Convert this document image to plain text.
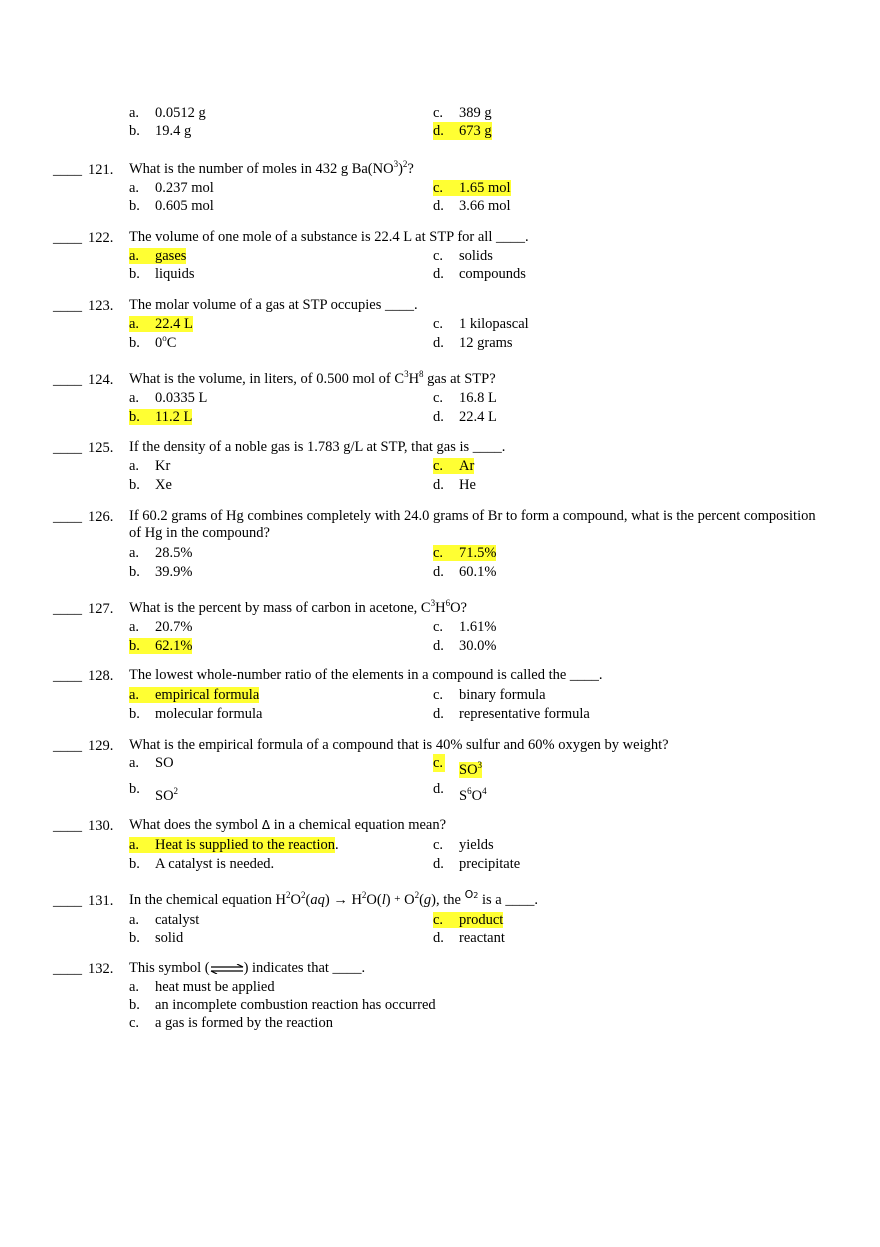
a. 0.0512 g
b. 19.4 g
c. 389 g
d. 673 g
____ 121. What is the number of moles in 432 g $Ba(NO^3)^2$?
a. 0.237 mol
b. 0.605 mol
c. 1.65 mol
d. 3.66 mol
____ 122. The volume of one mole of a substance is 22.4 L at STP for all ____.
a. gases
b. liquids
c. solids
d. compounds
____ 123. The molar volume of a gas at STP occupies ____.
a. 22.4 L
b. 0$^o$C
c. 1 kilopascal
d. 12 grams
____ 124. What is the volume, in liters, of 0.500 mol of $C^3H^8$ gas at STP?
a. 0.0335 L
b. 11.2 L
c. 16.8 L
d. 22.4 L
____ 125. If the density of a noble gas is 1.783 g/L at STP, that gas is ____.
a. Kr
b. Xe
c. Ar
d. He
____ 126. If 60.2 grams of Hg combines completely with 24.0 grams of Br to form a compound, what is the percent composition of Hg in the compound?
a. 28.5%
b. 39.9%
c. 71.5%
d. 60.1%
____ 127. What is the percent by mass of carbon in acetone, $C^3H^6O$?
a. 20.7%
b. 62.1%
c. 1.61%
d. 30.0%
____ 128. The lowest whole-number ratio of the elements in a compound is called the ____.
a. empirical formula
b. molecular formula
c. binary formula
d. representative formula
____ 129. What is the empirical formula of a compound that is 40% sulfur and 60% oxygen by weight?
a. SO
b. $SO^2$
c. $SO^3$
d. $S^6O^4$
____ 130. What does the symbol Δ in a chemical equation mean?
a. Heat is supplied to the reaction.
b. A catalyst is needed.
c. yields
d. precipitate
____ 131. In the chemical equation $H^2O^2(aq) \to H^2O(l) + O^2(g)$, the $^{O2}$ is a ____.
a. catalyst
b. solid
c. product
d. reactant
____ 132. This symbol (⇌) indicates that ____.
a. heat must be applied
b. an incomplete combustion reaction has occurred
c. a gas is formed by the reaction
